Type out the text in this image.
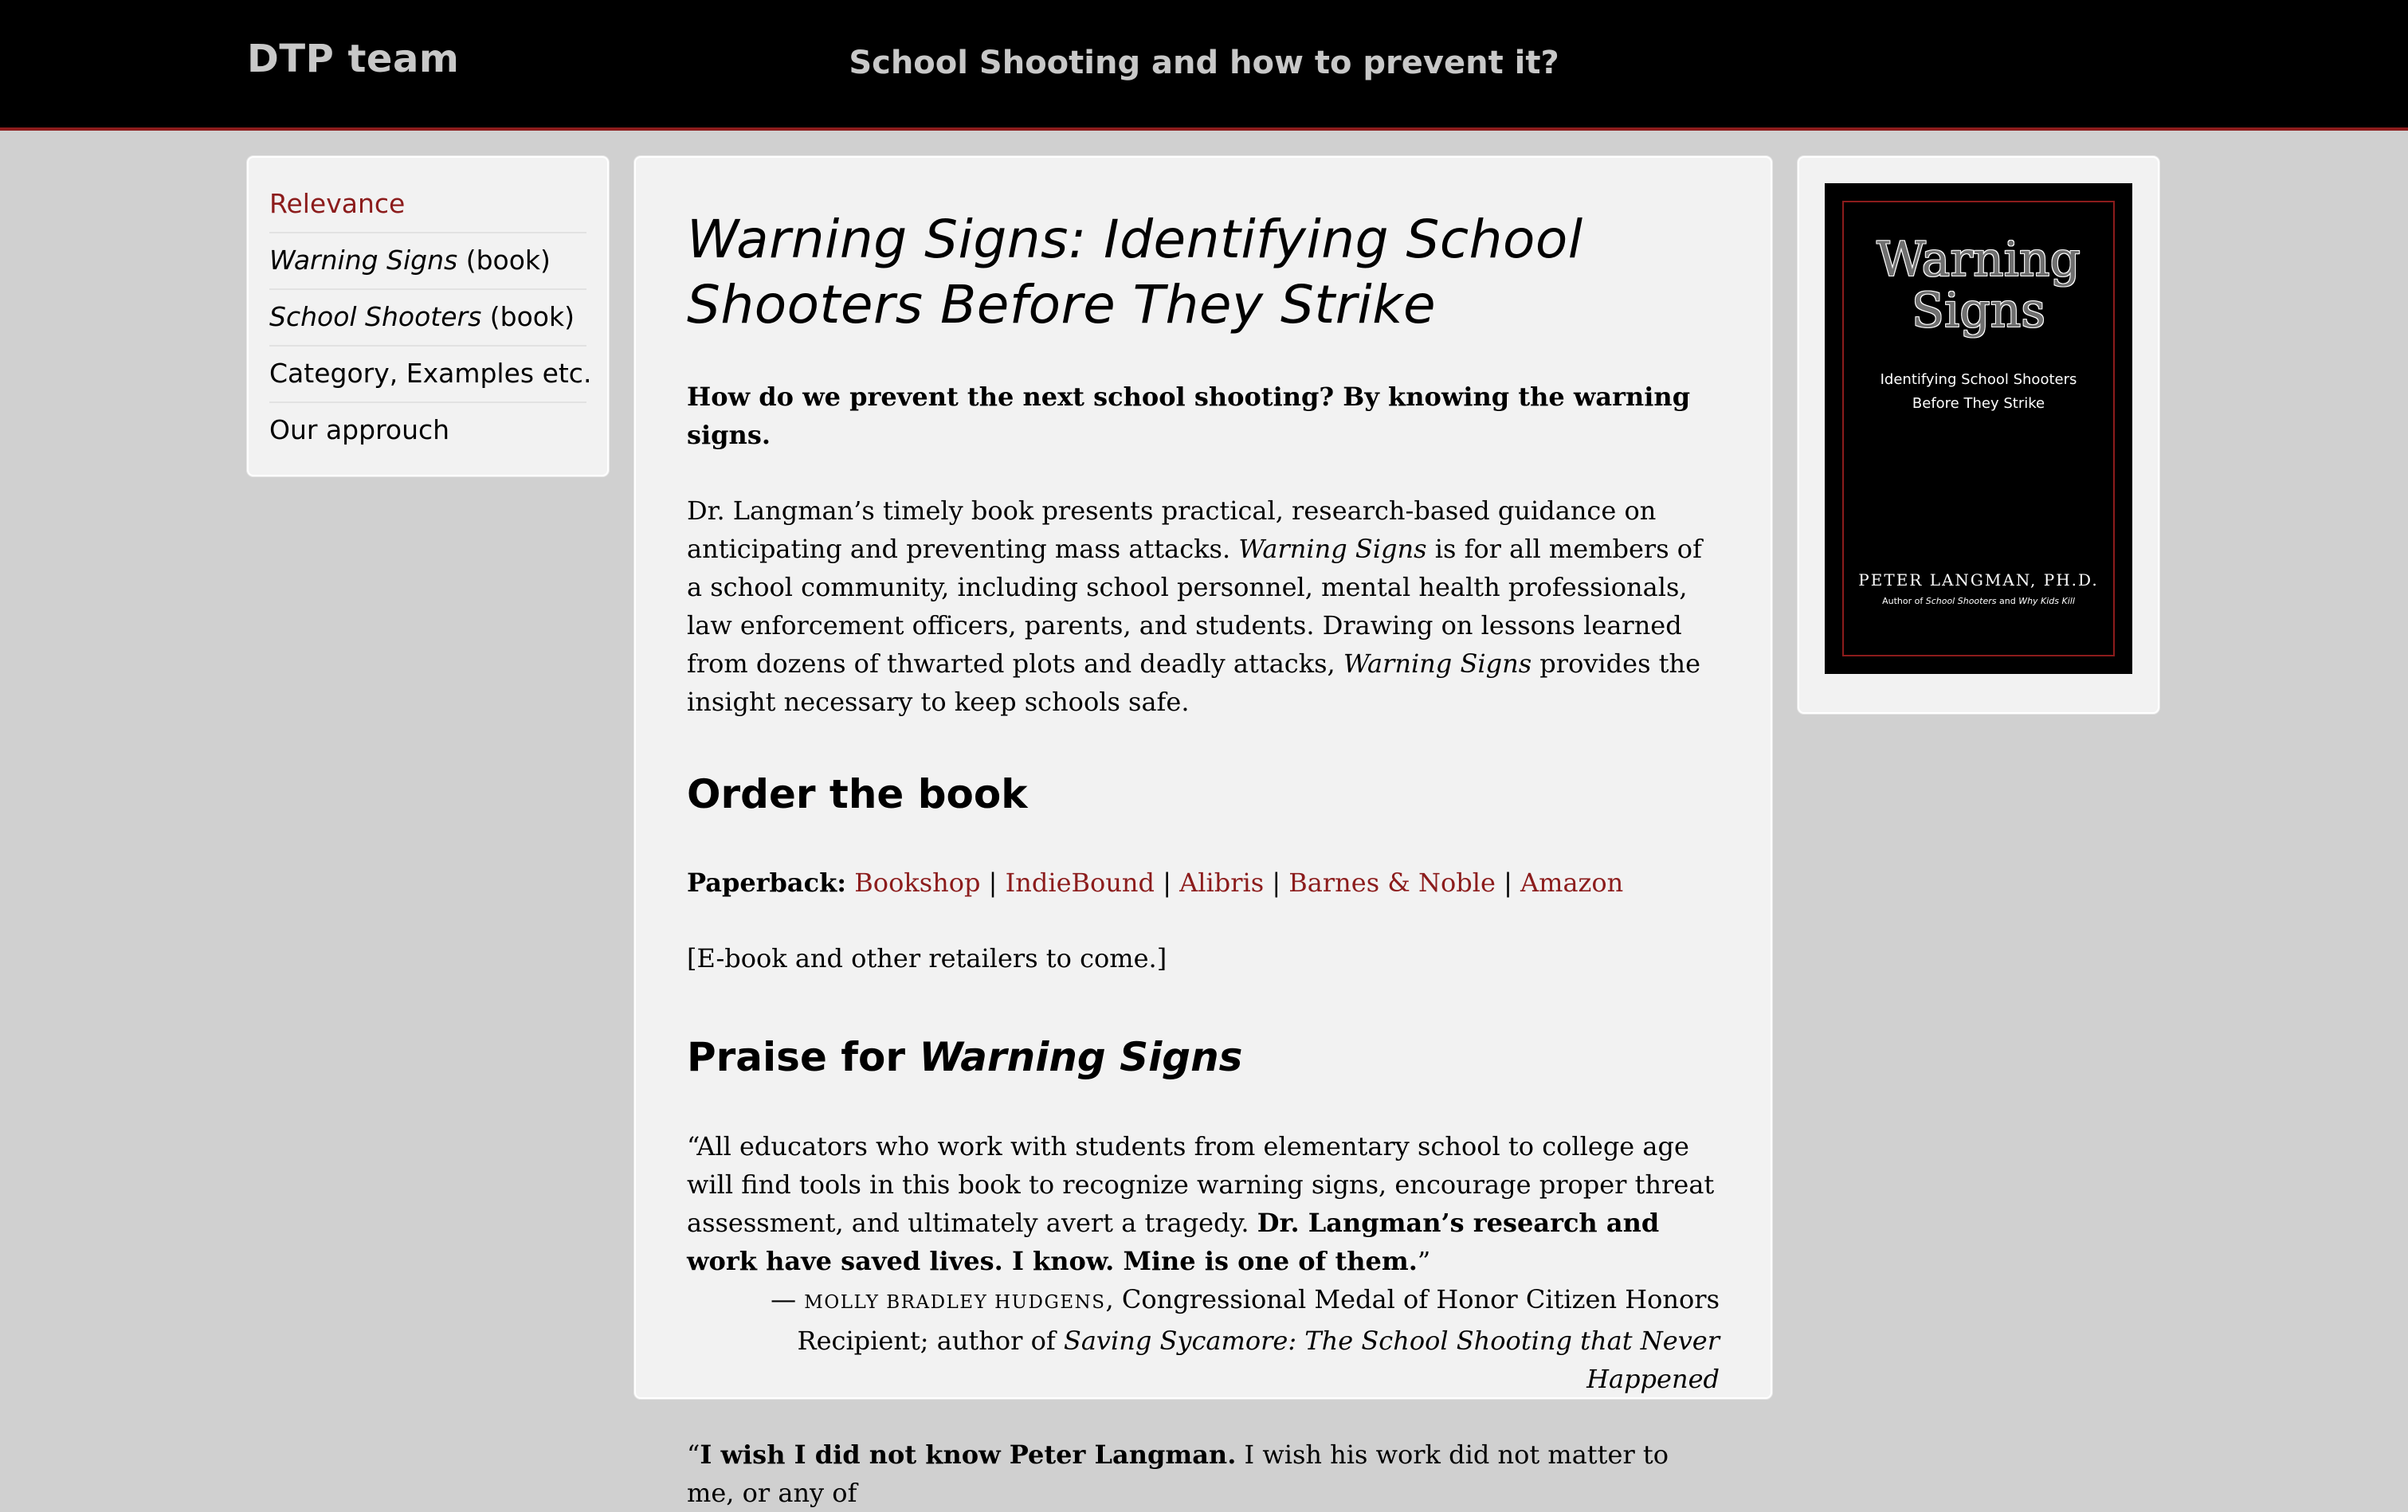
DTP team	School Shooting and how to prevent it?
Relevance
Warning Signs (book)
School Shooters (book)
Category, Examples etc.
Our approuch
Warning Signs: Identifying School
Shooters Before They Strike

How do we prevent the next school shooting? By knowing the warning signs.

Dr. Langman’s timely book presents practical, research-based guidance on anticipating and preventing mass attacks. Warning Signs is for all members of a school community, including school personnel, mental health professionals, law enforcement officers, parents, and students. Drawing on lessons learned from dozens of thwarted plots and deadly attacks, Warning Signs provides the insight necessary to keep schools safe.

Order the book

Paperback: Bookshop | IndieBound | Alibris | Barnes & Noble | Amazon

[E-book and other retailers to come.]

Praise for Warning Signs

“All educators who work with students from elementary school to college age will find tools in this book to recognize warning signs, encourage proper threat assessment, and ultimately avert a tragedy. Dr. Langman’s research and work have saved lives. I know. Mine is one of them.”

— MOLLY BRADLEY HUDGENS, Congressional Medal of Honor Citizen Honors Recipient; author of Saving Sycamore: The School Shooting that Never Happened

“I wish I did not know Peter Langman. I wish his work did not matter to me, or any of

Warning Signs
Identifying School Shooters
Before They Strike
PETER LANGMAN, PH.D.
Author of School Shooters and Why Kids Kill
